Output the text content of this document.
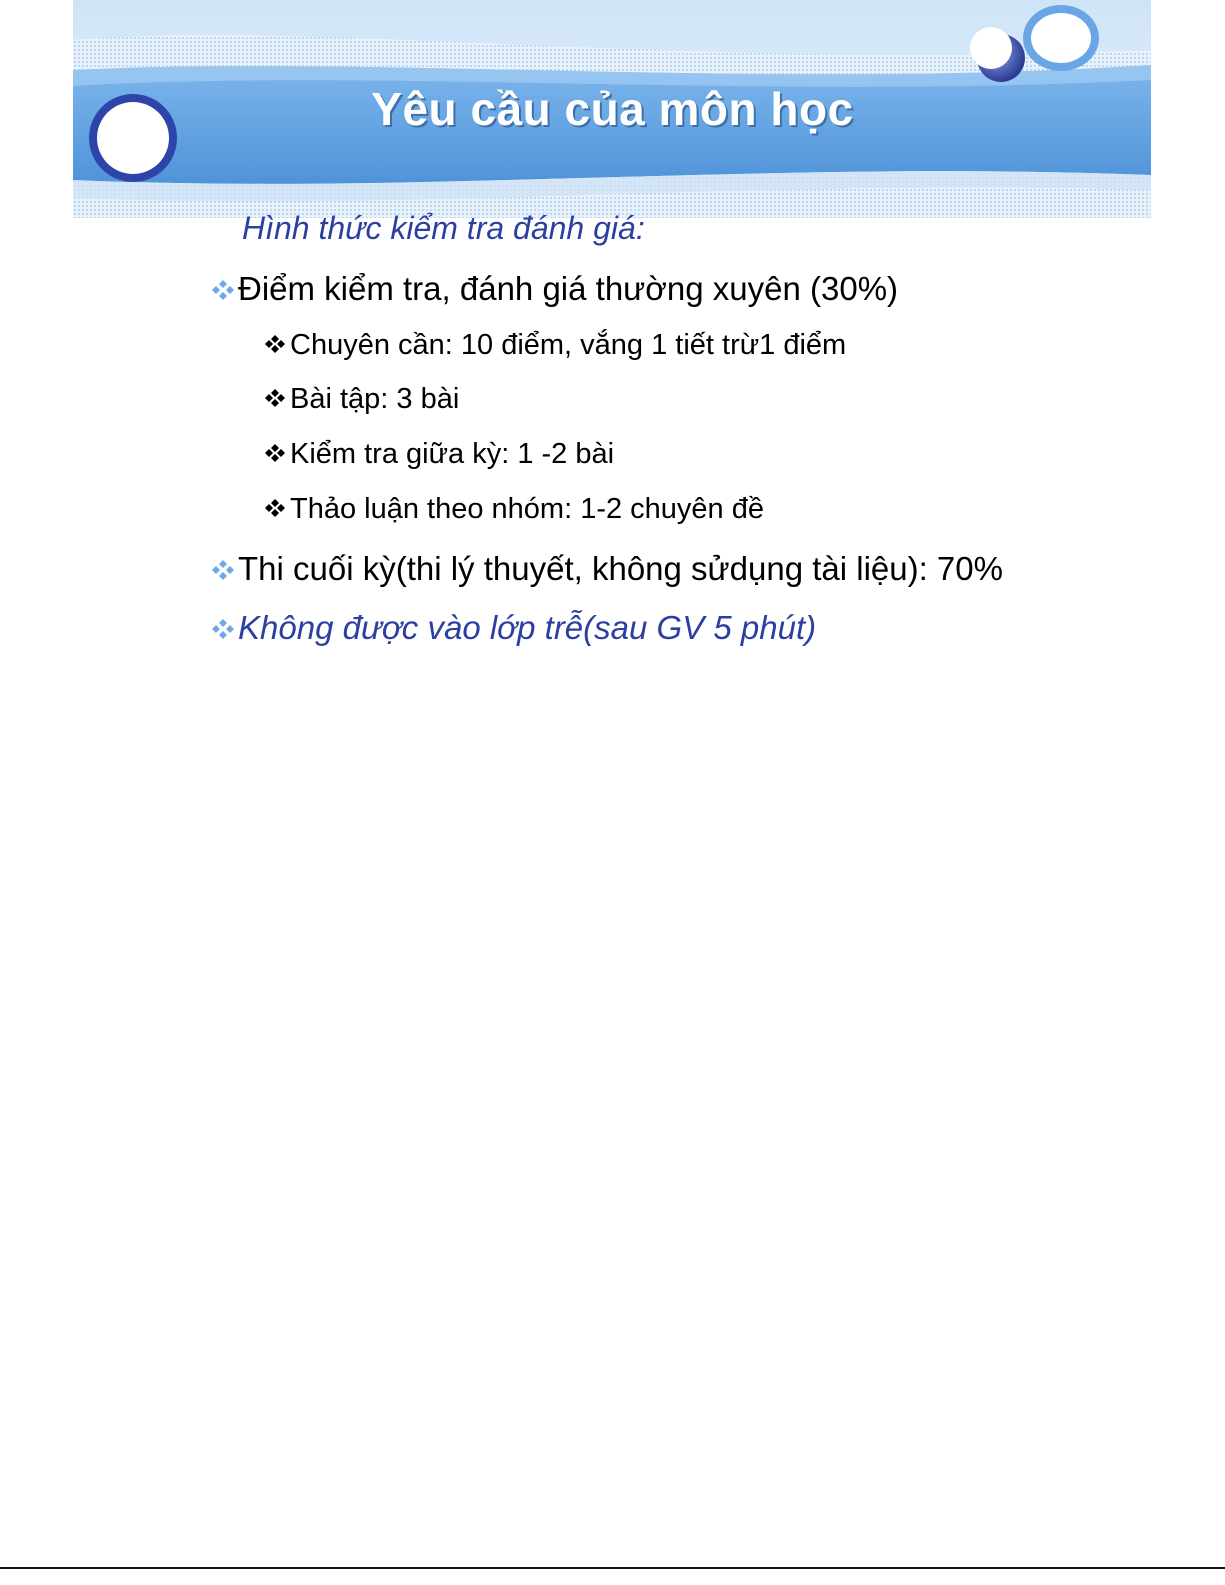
Yêu cầu của môn học
Hình thức kiểm tra đánh giá:
Điểm kiểm tra, đánh giá thường xuyên (30%)
Chuyên cần: 10 điểm, vắng 1 tiết trừ1 điểm
Bài tập: 3 bài
Kiểm tra giữa kỳ: 1 -2 bài
Thảo luận theo nhóm: 1-2 chuyên đề
Thi cuối kỳ(thi lý thuyết, không sửdụng tài liệu): 70%
Không được vào lớp trễ(sau GV 5 phút)
